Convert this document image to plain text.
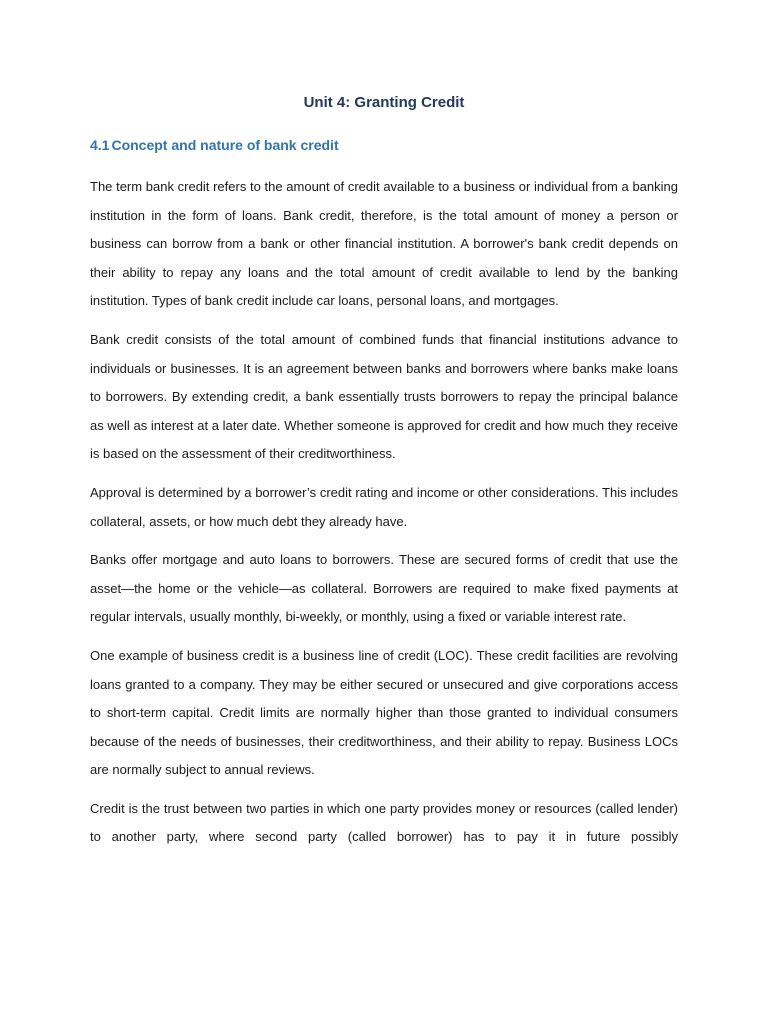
Unit 4: Granting Credit
4.1 Concept and nature of bank credit

The term bank credit refers to the amount of credit available to a business or individual from a banking institution in the form of loans. Bank credit, therefore, is the total amount of money a person or business can borrow from a bank or other financial institution. A borrower's bank credit depends on their ability to repay any loans and the total amount of credit available to lend by the banking institution. Types of bank credit include car loans, personal loans, and mortgages.

Bank credit consists of the total amount of combined funds that financial institutions advance to individuals or businesses. It is an agreement between banks and borrowers where banks make loans to borrowers. By extending credit, a bank essentially trusts borrowers to repay the principal balance as well as interest at a later date. Whether someone is approved for credit and how much they receive is based on the assessment of their creditworthiness.

Approval is determined by a borrower’s credit rating and income or other considerations. This includes collateral, assets, or how much debt they already have.

Banks offer mortgage and auto loans to borrowers. These are secured forms of credit that use the asset—the home or the vehicle—as collateral. Borrowers are required to make fixed payments at regular intervals, usually monthly, bi-weekly, or monthly, using a fixed or variable interest rate.

One example of business credit is a business line of credit (LOC). These credit facilities are revolving loans granted to a company. They may be either secured or unsecured and give corporations access to short-term capital. Credit limits are normally higher than those granted to individual consumers because of the needs of businesses, their creditworthiness, and their ability to repay. Business LOCs are normally subject to annual reviews.

Credit is the trust between two parties in which one party provides money or resources (called lender) to another party, where second party (called borrower) has to pay it in future possibly
